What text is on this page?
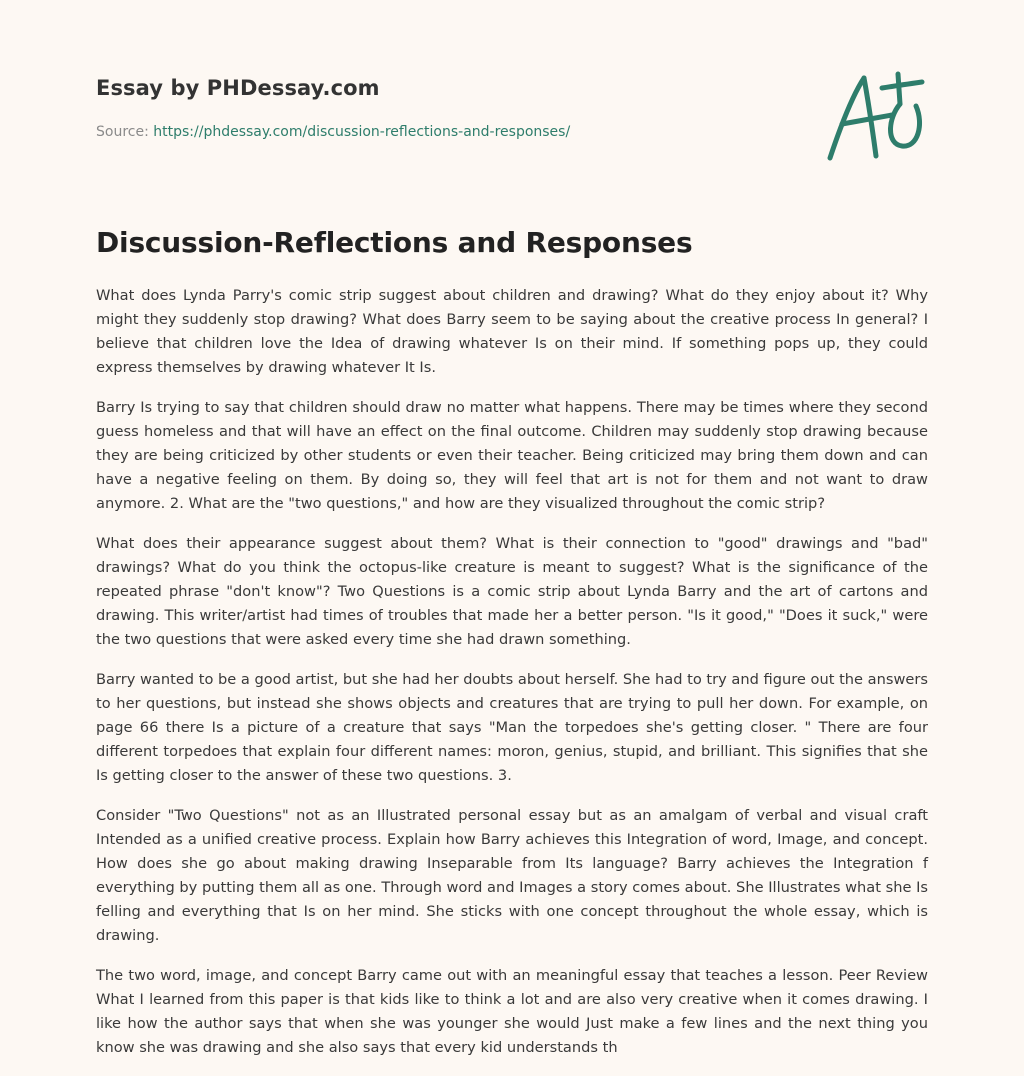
Essay by PHDessay.com
Source: https://phdessay.com/discussion-reflections-and-responses/
Discussion-Reflections and Responses

What does Lynda Parry's comic strip suggest about children and drawing? What do they enjoy about it? Why might they suddenly stop drawing? What does Barry seem to be saying about the creative process In general? I believe that children love the Idea of drawing whatever Is on their mind. If something pops up, they could express themselves by drawing whatever It Is.

Barry Is trying to say that children should draw no matter what happens. There may be times where they second guess homeless and that will have an effect on the final outcome. Children may suddenly stop drawing because they are being criticized by other students or even their teacher. Being criticized may bring them down and can have a negative feeling on them. By doing so, they will feel that art is not for them and not want to draw anymore. 2. What are the "two questions," and how are they visualized throughout the comic strip?

What does their appearance suggest about them? What is their connection to "good" drawings and "bad" drawings? What do you think the octopus-like creature is meant to suggest? What is the significance of the repeated phrase "don't know"? Two Questions is a comic strip about Lynda Barry and the art of cartons and drawing. This writer/artist had times of troubles that made her a better person. "Is it good," "Does it suck," were the two questions that were asked every time she had drawn something.

Barry wanted to be a good artist, but she had her doubts about herself. She had to try and figure out the answers to her questions, but instead she shows objects and creatures that are trying to pull her down. For example, on page 66 there Is a picture of a creature that says "Man the torpedoes she's getting closer. " There are four different torpedoes that explain four different names: moron, genius, stupid, and brilliant. This signifies that she Is getting closer to the answer of these two questions. 3.

Consider "Two Questions" not as an Illustrated personal essay but as an amalgam of verbal and visual craft Intended as a unified creative process. Explain how Barry achieves this Integration of word, Image, and concept. How does she go about making drawing Inseparable from Its language? Barry achieves the Integration f everything by putting them all as one. Through word and Images a story comes about. She Illustrates what she Is felling and everything that Is on her mind. She sticks with one concept throughout the whole essay, which is drawing.

The two word, image, and concept Barry came out with an meaningful essay that teaches a lesson. Peer Review What I learned from this paper is that kids like to think a lot and are also very creative when it comes drawing. I like how the author says that when she was younger she would Just make a few lines and the next thing you know she was drawing and she also says that every kid understands th
